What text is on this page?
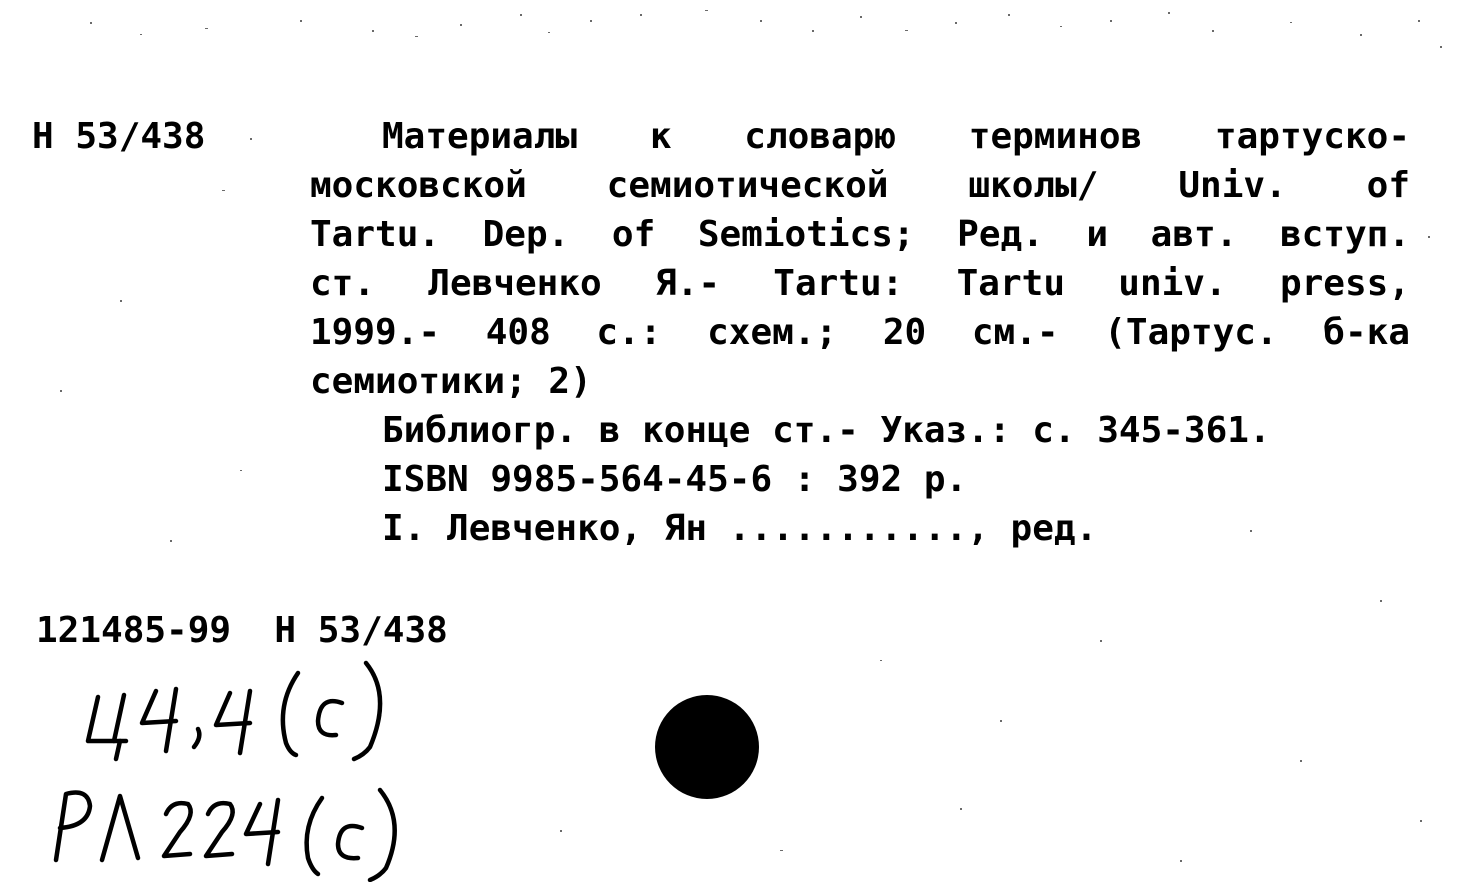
Н 53/438	Материалы к словарю терминов тартуско-
московской семиотической школы/ Univ. of
Tartu. Dep. of Semiotics; Ред. и авт. вступ.
ст. Левченко Я.- Tartu: Tartu univ. press,
1999.- 408 с.: схем.; 20 см.- (Тартус. б-ка
семиотики; 2)
Библиогр. в конце ст.- Указ.: с. 345-361.
ISBN 9985-564-45-6 : 392 р.
I. Левченко, Ян ..........., ред.
121485-99  Н 53/438
